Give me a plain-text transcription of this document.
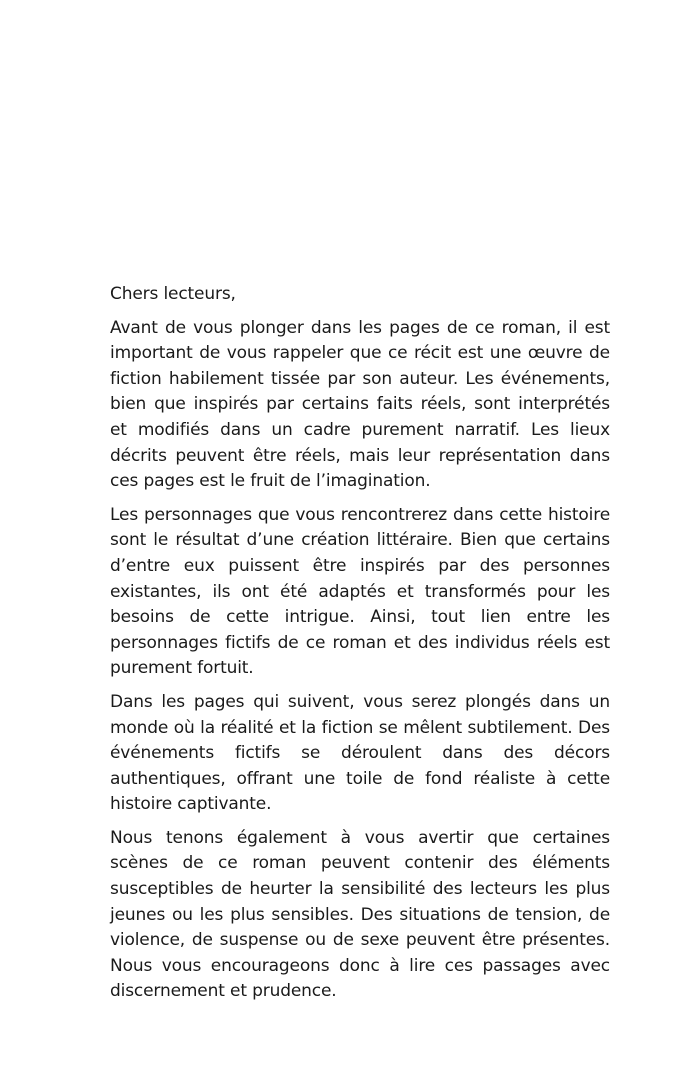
Chers lecteurs,

Avant de vous plonger dans les pages de ce roman, il est important de vous rappeler que ce récit est une œuvre de fiction habilement tissée par son auteur. Les événements, bien que inspirés par certains faits réels, sont interprétés et modifiés dans un cadre purement narratif. Les lieux décrits peuvent être réels, mais leur représentation dans ces pages est le fruit de l’imagination.

Les personnages que vous rencontrerez dans cette histoire sont le résultat d’une création littéraire. Bien que certains d’entre eux puissent être inspirés par des personnes existantes, ils ont été adaptés et transformés pour les besoins de cette intrigue. Ainsi, tout lien entre les personnages fictifs de ce roman et des individus réels est purement fortuit.

Dans les pages qui suivent, vous serez plongés dans un monde où la réalité et la fiction se mêlent subtilement. Des événements fictifs se déroulent dans des décors authentiques, offrant une toile de fond réaliste à cette histoire captivante.

Nous tenons également à vous avertir que certaines scènes de ce roman peuvent contenir des éléments susceptibles de heurter la sensibilité des lecteurs les plus jeunes ou les plus sensibles. Des situations de tension, de violence, de suspense ou de sexe peuvent être présentes. Nous vous encourageons donc à lire ces passages avec discernement et prudence.
